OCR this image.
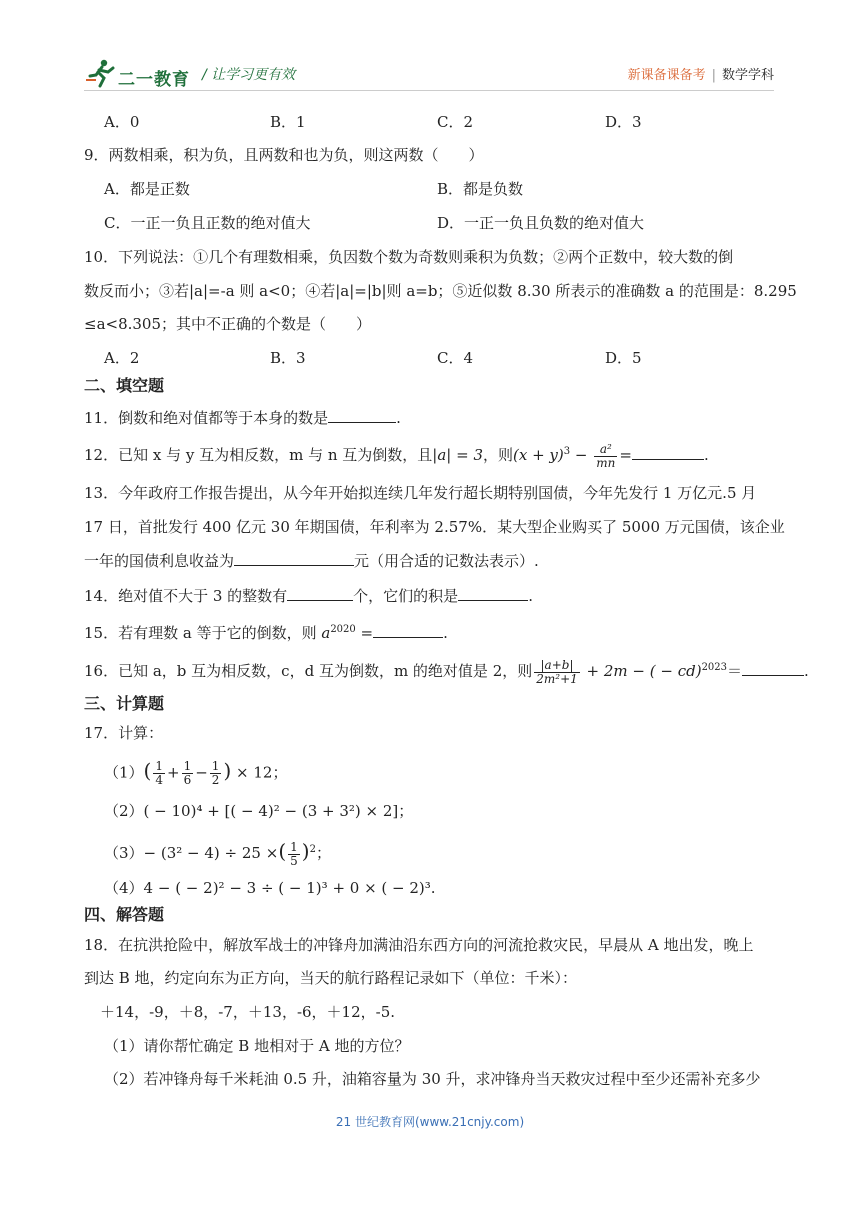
二一教育 / 让学习更有效	新课备课备考 | 数学学科
A．0	B．1	C．2	D．3
9．两数相乘，积为负，且两数和也为负，则这两数（　　）
A．都是正数	B．都是负数
C．一正一负且正数的绝对值大	D．一正一负且负数的绝对值大
10．下列说法：①几个有理数相乘，负因数个数为奇数则乘积为负数；②两个正数中，较大数的倒
数反而小；③若|a|=-a 则 a<0；④若|a|=|b|则 a=b；⑤近似数 8.30 所表示的准确数 a 的范围是：8.295
≤a<8.305；其中不正确的个数是（　　）
A．2	B．3	C．4	D．5
二、填空题
11．倒数和绝对值都等于本身的数是	.
12．已知 x 与 y 互为相反数，m 与 n 互为倒数，且|a| = 3，则$(x + y)^3 - \frac{\text{a²}}{mn}$ =	.
13．今年政府工作报告提出，从今年开始拟连续几年发行超长期特别国债，今年先发行 1 万亿元.5 月
17 日，首批发行 400 亿元 30 年期国债，年利率为 2.57%．某大型企业购买了 5000 万元国债，该企业
一年的国债利息收益为	元（用合适的记数法表示）.
14．绝对值不大于 3 的整数有	个，它们的积是	.
15．若有理数 a 等于它的倒数，则 $a^{2020}$ =	.
16．已知 a，b 互为相反数，c，d 互为倒数，m 的绝对值是 2，则 $\frac{|a+b|}{\text{2m²+1}} + 2m$ − ( − cd)$^{2023}$＝	.
三、计算题
17．计算：
$(1)( \frac{1}{4} + \frac{1}{6} - \frac{1}{2}$ ) × 12；
（2）( − 10)⁴ + [( − 4)² − (3 + 3²) × 2]；
（3）− (3² − 4) ÷ 25 ×( $\frac{1}{5} )^2$；
（4）4 − ( − 2)² − 3 ÷ ( − 1)³ + 0 × ( − 2)³.
四、解答题
18．在抗洪抢险中，解放军战士的冲锋舟加满油沿东西方向的河流抢救灾民，早晨从 A 地出发，晚上
到达 B 地，约定向东为正方向，当天的航行路程记录如下（单位：千米）：
＋14，-9，＋8，-7，＋13，-6，＋12，-5.
（1）请你帮忙确定 B 地相对于 A 地的方位？
（2）若冲锋舟每千米耗油 0.5 升，油箱容量为 30 升，求冲锋舟当天救灾过程中至少还需补充多少
21 世纪教育网(www.21cnjy.com)
